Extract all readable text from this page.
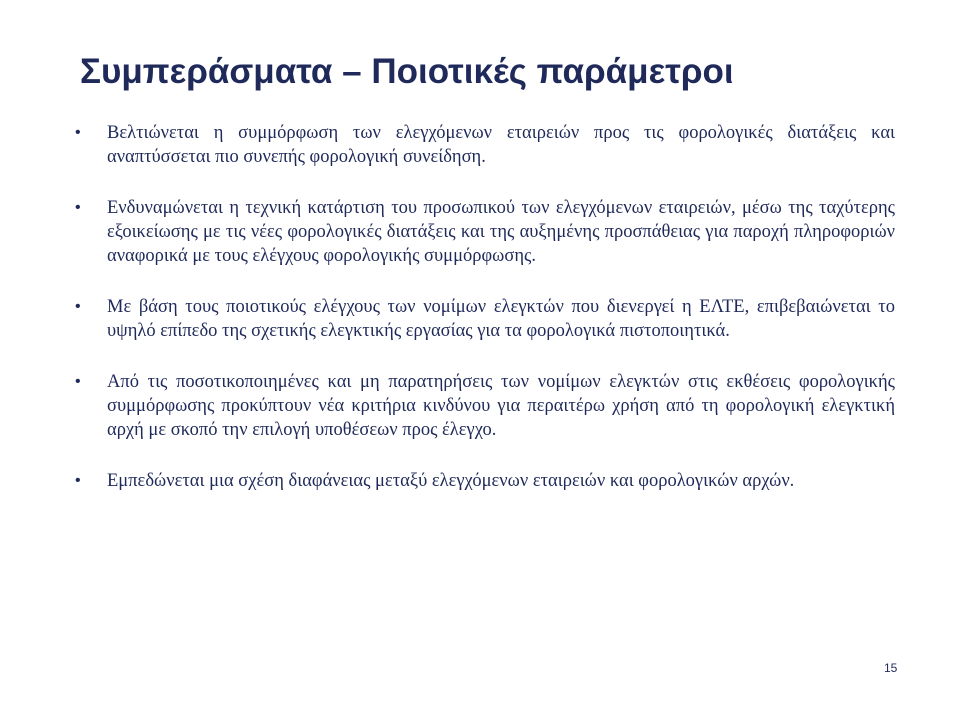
Συμπεράσματα – Ποιοτικές παράμετροι
•	Βελτιώνεται η συμμόρφωση των ελεγχόμενων εταιρειών προς τις φορολογικές διατάξεις και αναπτύσσεται πιο συνεπής φορολογική συνείδηση.
•	Ενδυναμώνεται η τεχνική κατάρτιση του προσωπικού των ελεγχόμενων εταιρειών, μέσω της ταχύτερης εξοικείωσης με τις νέες φορολογικές διατάξεις και της αυξημένης προσπάθειας για παροχή πληροφοριών αναφορικά με τους ελέγχους φορολογικής συμμόρφωσης.
•	Με βάση τους ποιοτικούς ελέγχους των νομίμων ελεγκτών που διενεργεί η ΕΛΤΕ, επιβεβαιώνεται το υψηλό επίπεδο της σχετικής ελεγκτικής εργασίας για τα φορολογικά πιστοποιητικά.
•	Από τις ποσοτικοποιημένες και μη παρατηρήσεις των νομίμων ελεγκτών στις εκθέσεις φορολογικής συμμόρφωσης προκύπτουν νέα κριτήρια κινδύνου για περαιτέρω χρήση από τη φορολογική ελεγκτική αρχή με σκοπό την επιλογή υποθέσεων προς έλεγχο.
•	Εμπεδώνεται μια σχέση διαφάνειας μεταξύ ελεγχόμενων εταιρειών και φορολογικών αρχών.
15
